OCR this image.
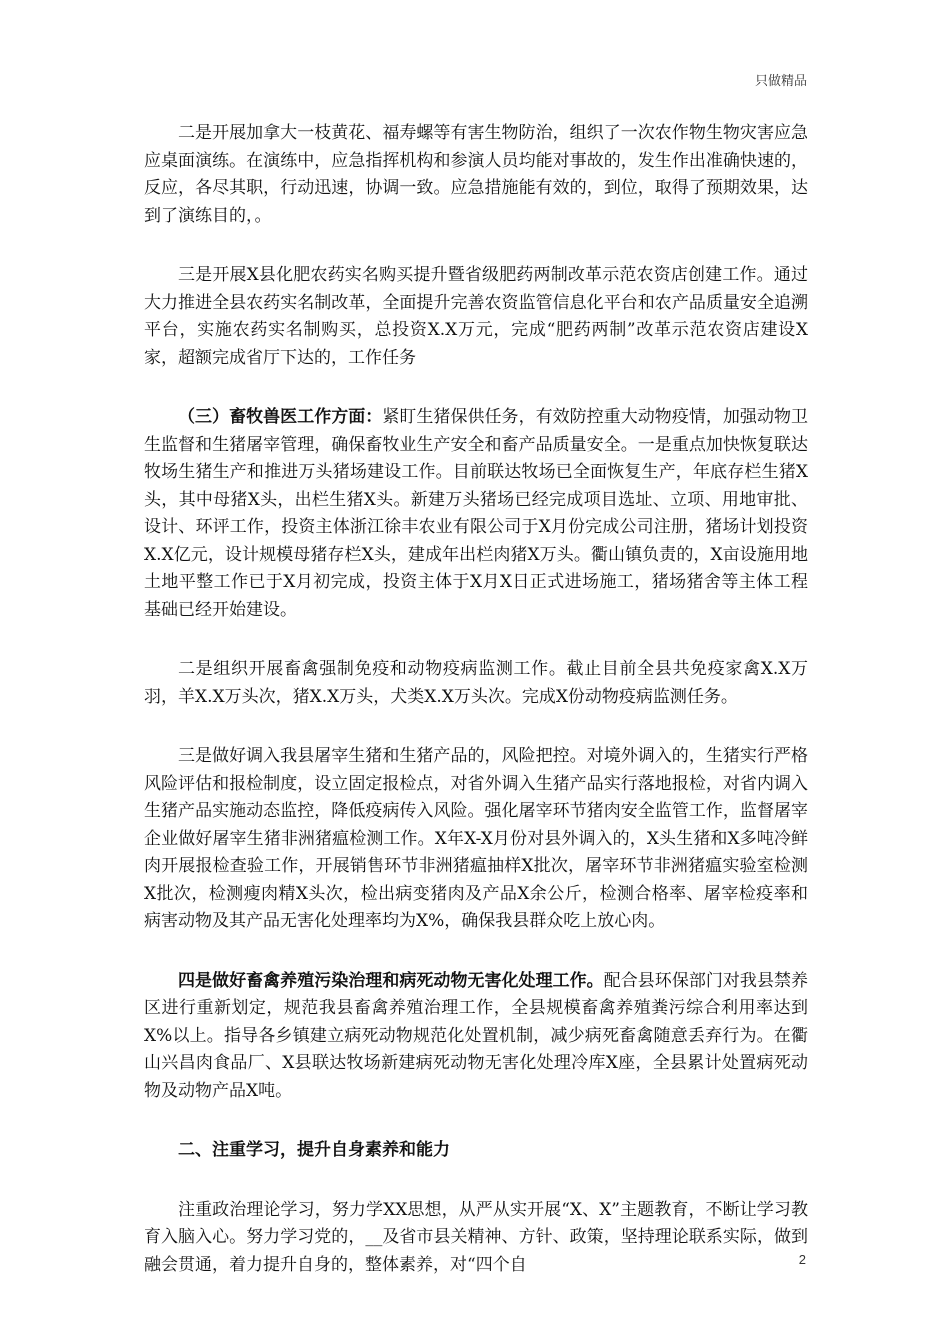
只做精品

二是开展加拿大一枝黄花、福寿螺等有害生物防治，组织了一次农作物生物灾害应急应桌面演练。在演练中，应急指挥机构和参演人员均能对事故的，发生作出准确快速的，反应，各尽其职，行动迅速，协调一致。应急措施能有效的，到位，取得了预期效果，达到了演练目的，。

三是开展X县化肥农药实名购买提升暨省级肥药两制改革示范农资店创建工作。通过大力推进全县农药实名制改革，全面提升完善农资监管信息化平台和农产品质量安全追溯平台，实施农药实名制购买，总投资X.X万元，完成“肥药两制”改革示范农资店建设X家，超额完成省厅下达的，工作任务

（三）畜牧兽医工作方面：紧盯生猪保供任务，有效防控重大动物疫情，加强动物卫生监督和生猪屠宰管理，确保畜牧业生产安全和畜产品质量安全。一是重点加快恢复联达牧场生猪生产和推进万头猪场建设工作。目前联达牧场已全面恢复生产，年底存栏生猪X头，其中母猪X头，出栏生猪X头。新建万头猪场已经完成项目选址、立项、用地审批、设计、环评工作，投资主体浙江徐丰农业有限公司于X月份完成公司注册，猪场计划投资X.X亿元，设计规模母猪存栏X头，建成年出栏肉猪X万头。衢山镇负责的，X亩设施用地土地平整工作已于X月初完成，投资主体于X月X日正式进场施工，猪场猪舍等主体工程基础已经开始建设。

二是组织开展畜禽强制免疫和动物疫病监测工作。截止目前全县共免疫家禽X.X万羽，羊X.X万头次，猪X.X万头，犬类X.X万头次。完成X份动物疫病监测任务。

三是做好调入我县屠宰生猪和生猪产品的，风险把控。对境外调入的，生猪实行严格风险评估和报检制度，设立固定报检点，对省外调入生猪产品实行落地报检，对省内调入生猪产品实施动态监控，降低疫病传入风险。强化屠宰环节猪肉安全监管工作，监督屠宰企业做好屠宰生猪非洲猪瘟检测工作。X年X-X月份对县外调入的，X头生猪和X多吨冷鲜肉开展报检查验工作，开展销售环节非洲猪瘟抽样X批次，屠宰环节非洲猪瘟实验室检测X批次，检测瘦肉精X头次，检出病变猪肉及产品X余公斤，检测合格率、屠宰检疫率和病害动物及其产品无害化处理率均为X%，确保我县群众吃上放心肉。

四是做好畜禽养殖污染治理和病死动物无害化处理工作。配合县环保部门对我县禁养区进行重新划定，规范我县畜禽养殖治理工作，全县规模畜禽养殖粪污综合利用率达到X%以上。指导各乡镇建立病死动物规范化处置机制，减少病死畜禽随意丢弃行为。在衢山兴昌肉食品厂、X县联达牧场新建病死动物无害化处理冷库X座，全县累计处置病死动物及动物产品X吨。

二、注重学习，提升自身素养和能力

注重政治理论学习，努力学XX思想，从严从实开展“X、X”主题教育，不断让学习教育入脑入心。努力学习党的，__及省市县关精神、方针、政策，坚持理论联系实际，做到融会贯通，着力提升自身的，整体素养，对“四个自	2
